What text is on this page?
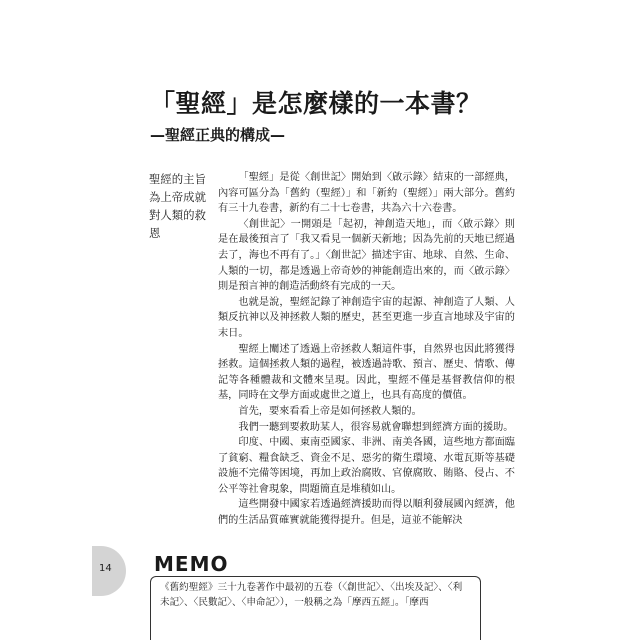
「聖經」是怎麼樣的一本書？
—聖經正典的構成—
聖經的主旨為上帝成就對人類的救恩

「聖經」是從〈創世記〉開始到〈啟示錄〉結束的一部經典，內容可區分為「舊約（聖經）」和「新約（聖經）」兩大部分。舊約有三十九卷書，新約有二十七卷書，共為六十六卷書。

〈創世記〉一開頭是「起初，神創造天地」，而〈啟示錄〉則是在最後預言了「我又看見一個新天新地；因為先前的天地已經過去了，海也不再有了。」〈創世記〉描述宇宙、地球、自然、生命、人類的一切，都是透過上帝奇妙的神能創造出來的，而〈啟示錄〉則是預言神的創造活動終有完成的一天。

也就是說，聖經記錄了神創造宇宙的起源、神創造了人類、人類反抗神以及神拯救人類的歷史，甚至更進一步直言地球及宇宙的末日。

聖經上闡述了透過上帝拯救人類這件事，自然界也因此將獲得拯救。這個拯救人類的過程，被透過詩歌、預言、歷史、情歌、傳記等各種體裁和文體來呈現。因此，聖經不僅是基督教信仰的根基，同時在文學方面或處世之道上，也具有高度的價值。

首先，要來看看上帝是如何拯救人類的。

我們一聽到要救助某人，很容易就會聯想到經濟方面的援助。

印度、中國、東南亞國家、非洲、南美各國，這些地方都面臨了貧窮、糧食缺乏、資金不足、惡劣的衛生環境、水電瓦斯等基礎設施不完備等困境，再加上政治腐敗、官僚腐敗、賄賂、侵占、不公平等社會現象，問題簡直是堆積如山。

這些開發中國家若透過經濟援助而得以順利發展國內經濟，他們的生活品質確實就能獲得提升。但是，這並不能解決

14 MEMO
《舊約聖經》三十九卷著作中最初的五卷（〈創世記〉、〈出埃及記〉、〈利未記〉、〈民數記〉、〈申命記〉），一般稱之為「摩西五經」。「摩西
